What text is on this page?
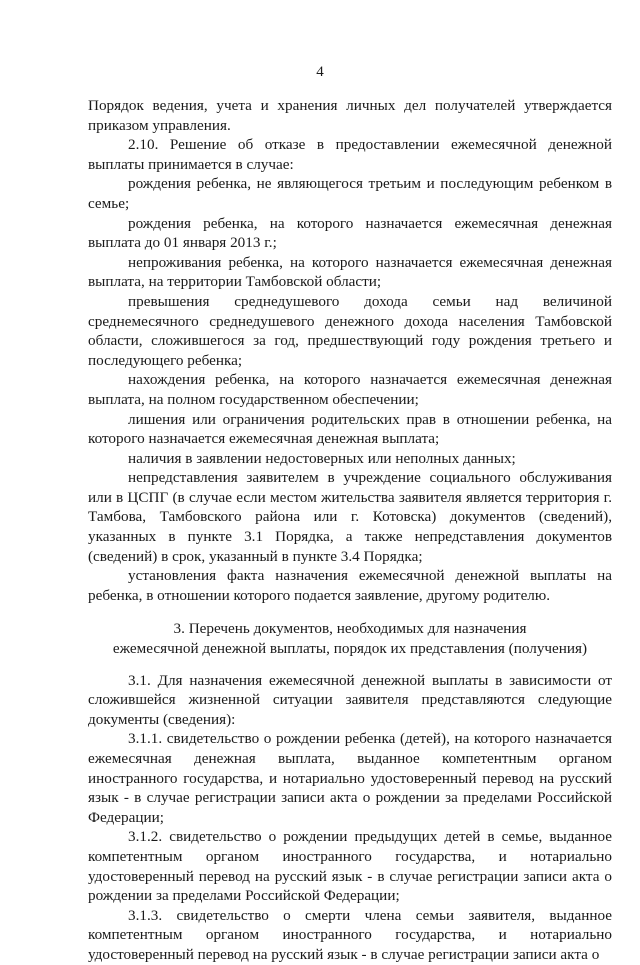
4

Порядок ведения, учета и хранения личных дел получателей утверждается приказом управления.

2.10. Решение об отказе в предоставлении ежемесячной денежной выплаты принимается в случае:

рождения ребенка, не являющегося третьим и последующим ребенком в семье;

рождения ребенка, на которого назначается ежемесячная денежная выплата до 01 января 2013 г.;

непроживания ребенка, на которого назначается ежемесячная денежная выплата, на территории Тамбовской области;

превышения среднедушевого дохода семьи над величиной среднемесячного среднедушевого денежного дохода населения Тамбовской области, сложившегося за год, предшествующий году рождения третьего и последующего ребенка;

нахождения ребенка, на которого назначается ежемесячная денежная выплата, на полном государственном обеспечении;

лишения или ограничения родительских прав в отношении ребенка, на которого назначается ежемесячная денежная выплата;

наличия в заявлении недостоверных или неполных данных;

непредставления заявителем в учреждение социального обслуживания или в ЦСПГ (в случае если местом жительства заявителя является территория г. Тамбова, Тамбовского района или г. Котовска) документов (сведений), указанных в пункте 3.1 Порядка, а также непредставления документов (сведений) в срок, указанный в пункте 3.4 Порядка;

установления факта назначения ежемесячной денежной выплаты на ребенка, в отношении которого подается заявление, другому родителю.

3. Перечень документов, необходимых для назначения

ежемесячной денежной выплаты, порядок их представления (получения)

3.1. Для назначения ежемесячной денежной выплаты в зависимости от сложившейся жизненной ситуации заявителя представляются следующие документы (сведения):

3.1.1. свидетельство о рождении ребенка (детей), на которого назначается ежемесячная денежная выплата, выданное компетентным органом иностранного государства, и нотариально удостоверенный перевод на русский язык - в случае регистрации записи акта о рождении за пределами Российской Федерации;

3.1.2. свидетельство о рождении предыдущих детей в семье, выданное компетентным органом иностранного государства, и нотариально удостоверенный перевод на русский язык - в случае регистрации записи акта о рождении за пределами Российской Федерации;

3.1.3. свидетельство о смерти члена семьи заявителя, выданное компетентным органом иностранного государства, и нотариально удостоверенный перевод на русский язык - в случае регистрации записи акта о
